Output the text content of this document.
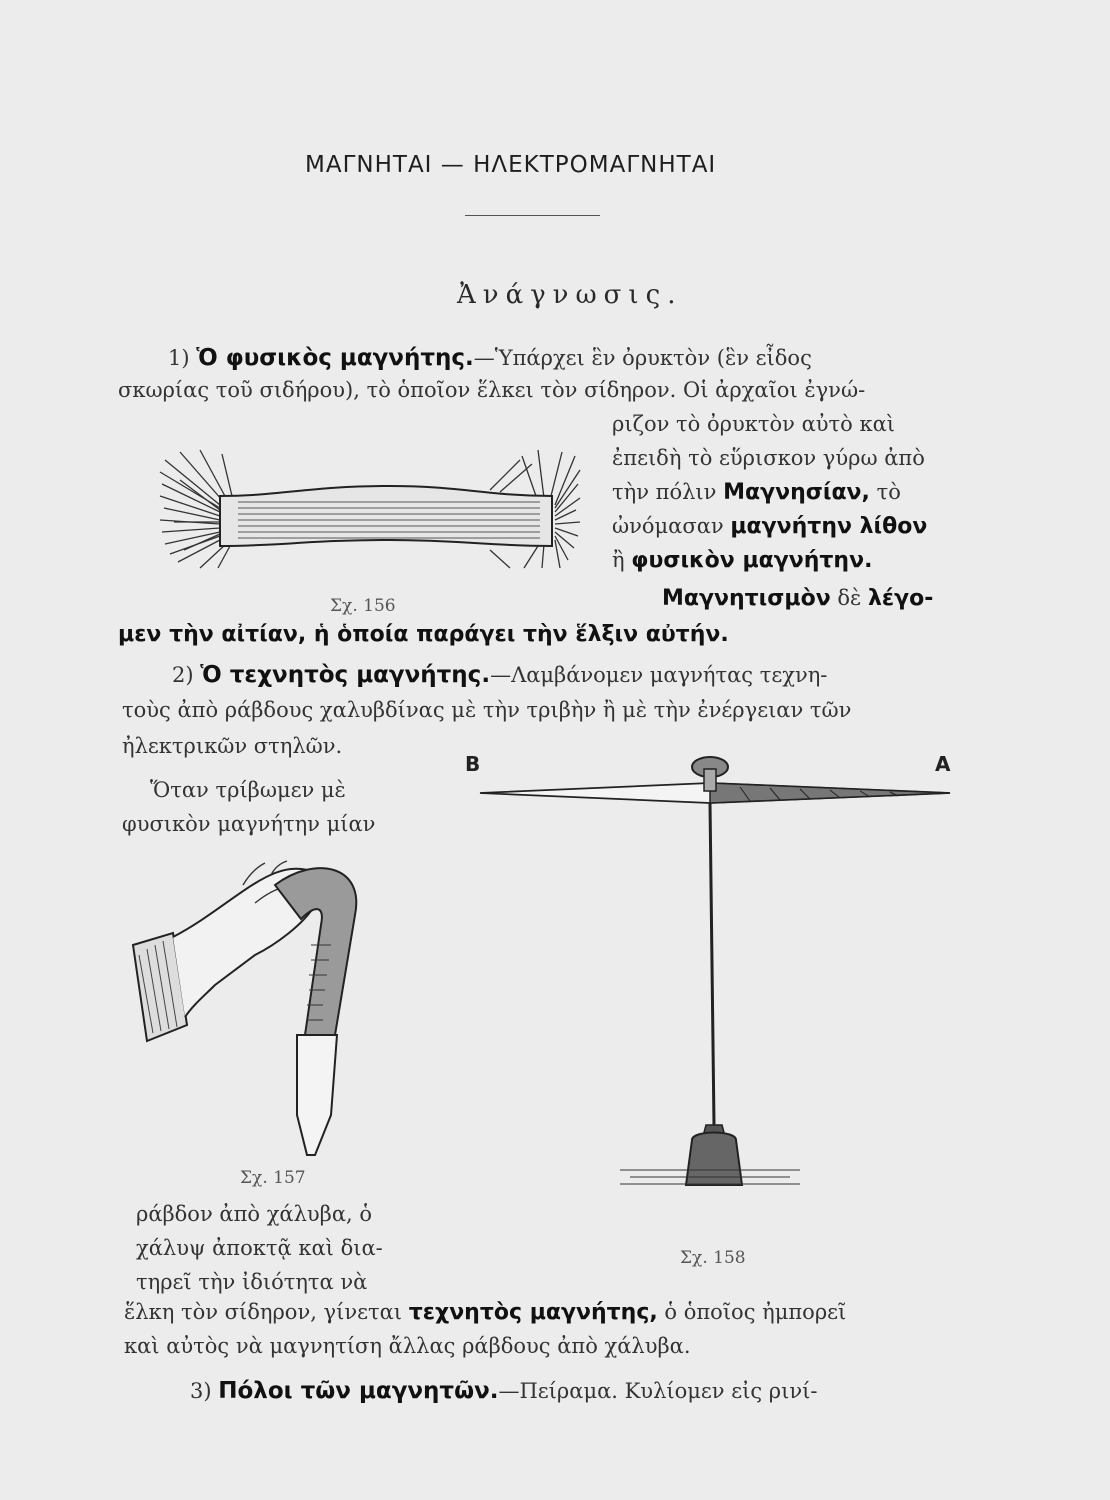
ΜΑΓΝΗΤΑΙ — ΗΛΕΚΤΡΟΜΑΓΝΗΤΑΙ
Ἀνάγνωσις.
1) Ὁ φυσικὸς μαγνήτης.—Ὑπάρχει ἓν ὀρυκτὸν (ἓν εἶδος
σκωρίας τοῦ σιδήρου), τὸ ὁποῖον ἕλκει τὸν σίδηρον. Οἱ ἀρχαῖοι ἐγνώ-
ριζον τὸ ὀρυκτὸν αὐτὸ καὶ
ἐπειδὴ τὸ εὕρισκον γύρω ἀπὸ
τὴν πόλιν Μαγνησίαν, τὸ
ὠνόμασαν μαγνήτην λίθον
ἢ φυσικὸν μαγνήτην.
Μαγνητισμὸν δὲ λέγο-
μεν τὴν αἰτίαν, ἡ ὁποία παράγει τὴν ἕλξιν αὐτήν.
Σχ. 156
2) Ὁ τεχνητὸς μαγνήτης.—Λαμβάνομεν μαγνήτας τεχνη-
τοὺς ἀπὸ ράβδους χαλυβδίνας μὲ τὴν τριβὴν ἢ μὲ τὴν ἐνέργειαν τῶν
ἠλεκτρικῶν στηλῶν.
Ὅταν τρίβωμεν μὲ
φυσικὸν μαγνήτην μίαν
Σχ. 157
ράβδον ἀπὸ χάλυβα, ὁ
χάλυψ ἀποκτᾷ καὶ δια-
τηρεῖ τὴν ἰδιότητα νὰ
ἕλκη τὸν σίδηρον, γίνεται τεχνητὸς μαγνήτης, ὁ ὁποῖος ἠμπορεῖ
καὶ αὐτὸς νὰ μαγνητίση ἄλλας ράβδους ἀπὸ χάλυβα.
Β	Α
Σχ. 158
3) Πόλοι τῶν μαγνητῶν.—Πείραμα. Κυλίομεν εἰς ρινί-
